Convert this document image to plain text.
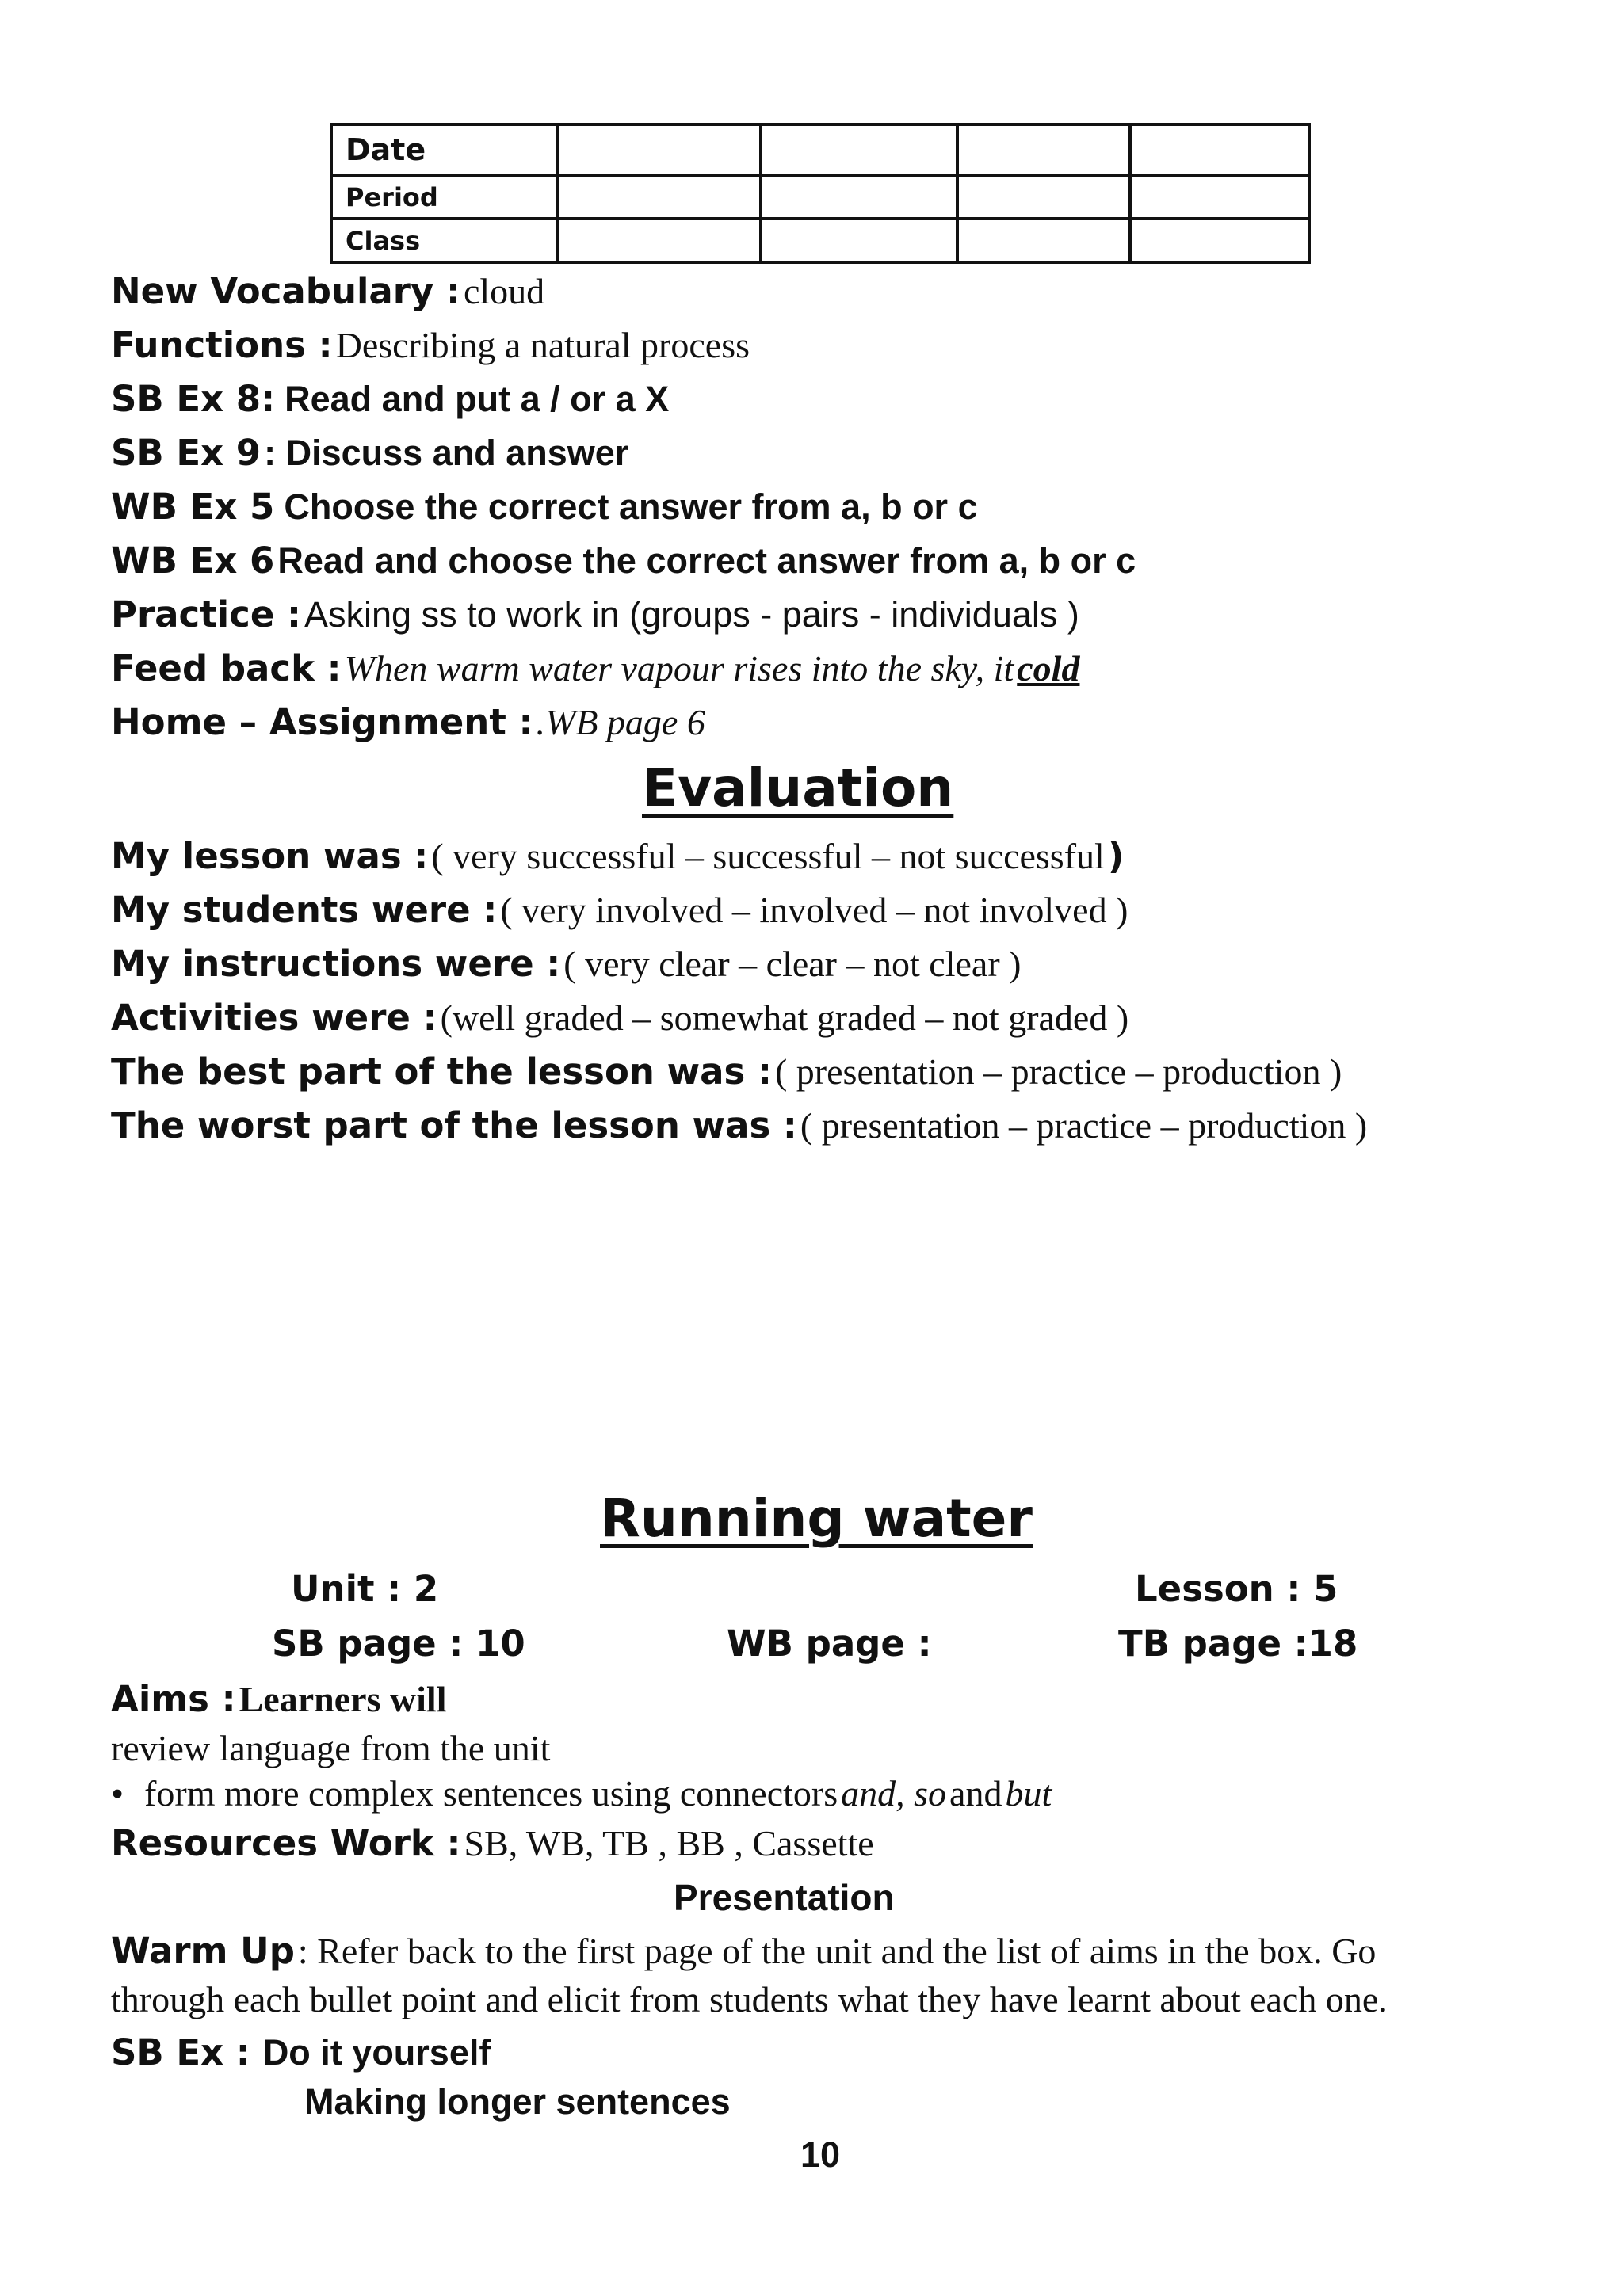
Date				
Period				
Class				
New Vocabulary : cloud
Functions : Describing a natural process
SB Ex 8: Read and put a / or a X
SB Ex 9 : Discuss and answer
WB Ex 5 Choose the correct answer from a, b or c
WB Ex 6 Read and choose the correct answer from a, b or c
Practice : Asking ss to work in (groups - pairs - individuals )
Feed back : When warm water vapour rises into the sky, it cold
Home – Assignment : .WB page 6
Evaluation
My lesson was : ( very successful – successful – not successful )
My students were : ( very involved – involved – not involved )
My instructions were : ( very clear – clear – not clear )
Activities were : (well graded – somewhat graded – not graded )
The best part of the lesson was : ( presentation – practice – production )
The worst part of the lesson was : ( presentation – practice – production )
Running water
Unit : 2	Lesson : 5
SB page : 10	WB page :	TB page :18
Aims : Learners will
review language from the unit
• form more complex sentences using connectors and, so and but
Resources Work : SB, WB, TB , BB , Cassette
Presentation
Warm Up : Refer back to the first page of the unit and the list of aims in the box. Go
through each bullet point and elicit from students what they have learnt about each one.
SB Ex : Do it yourself
Making longer sentences
10
